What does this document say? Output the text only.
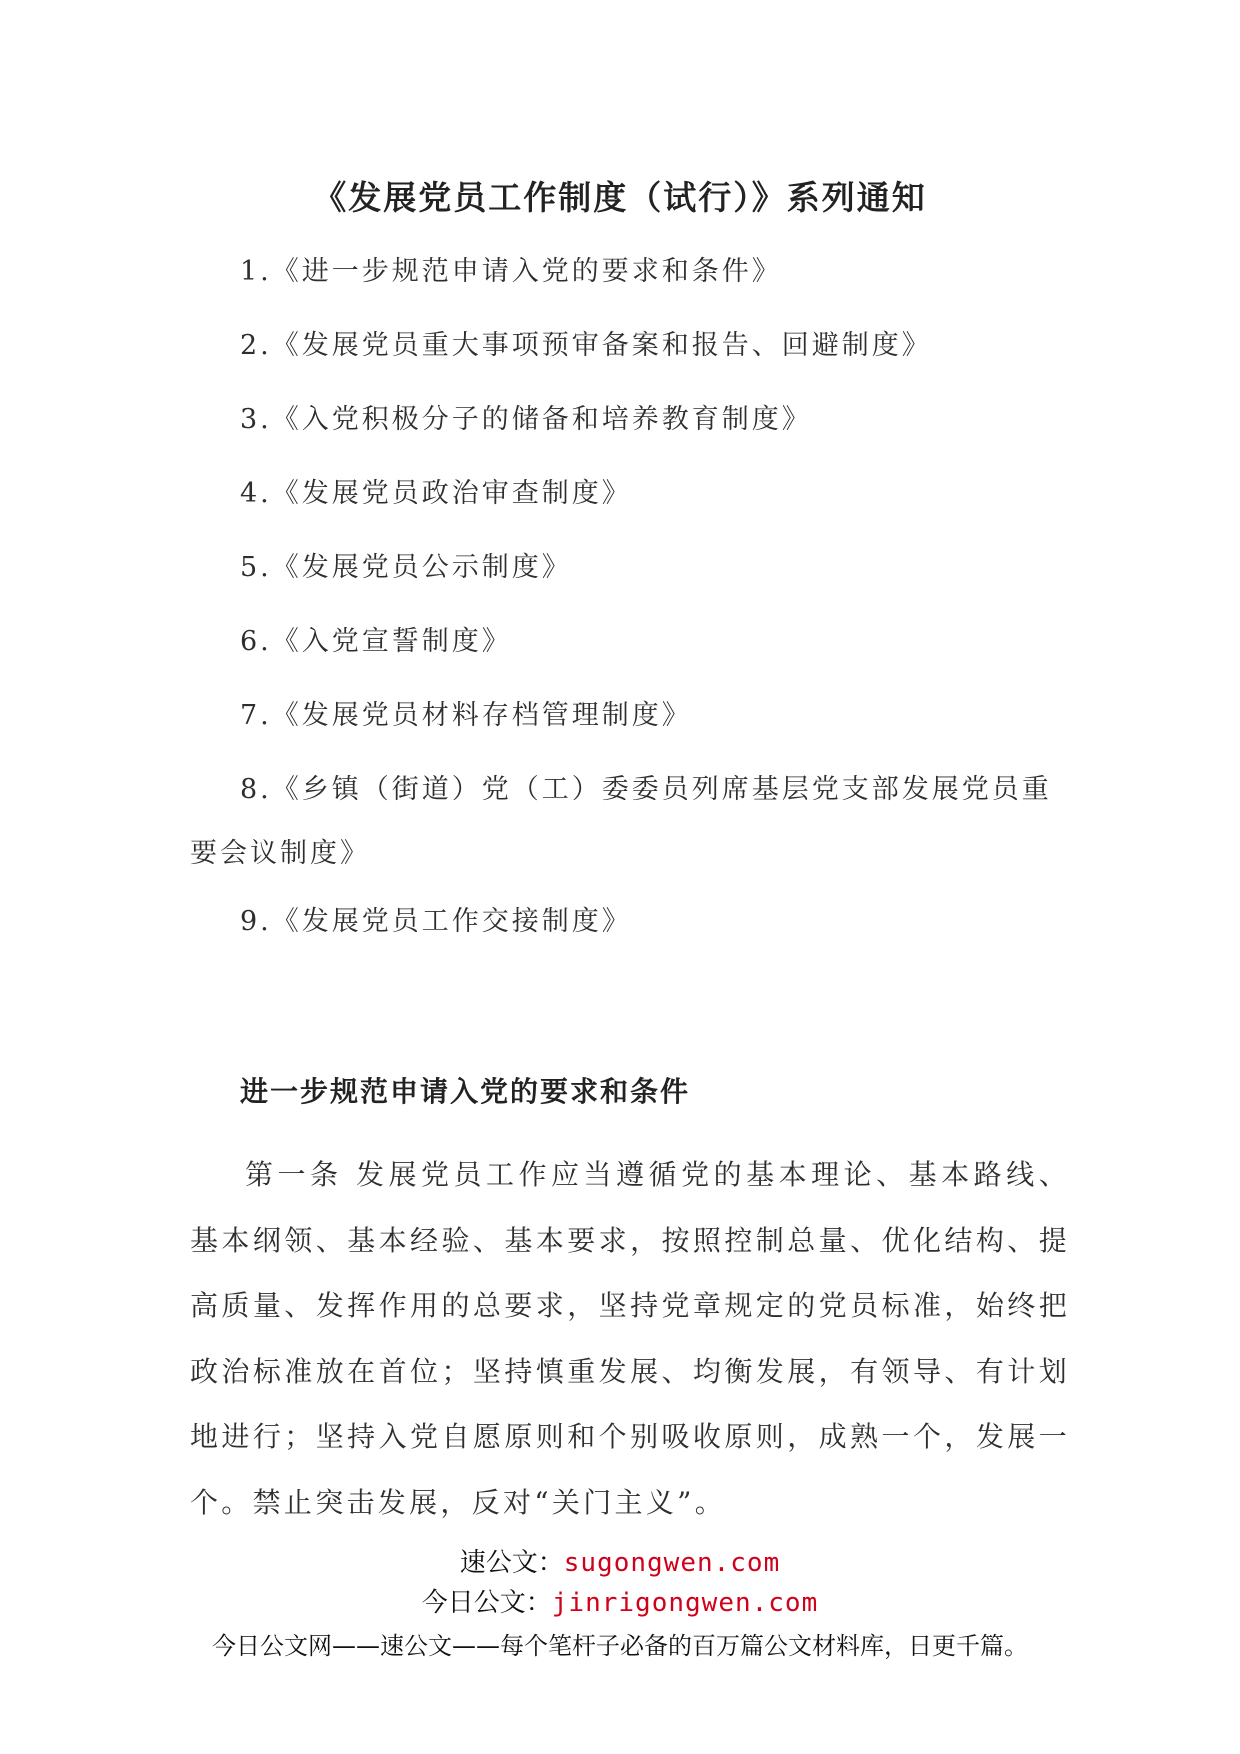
《发展党员工作制度（试行）》系列通知
1.《进一步规范申请入党的要求和条件》
2.《发展党员重大事项预审备案和报告、回避制度》
3.《入党积极分子的储备和培养教育制度》
4.《发展党员政治审查制度》
5.《发展党员公示制度》
6.《入党宣誓制度》
7.《发展党员材料存档管理制度》
8.《乡镇（街道）党（工）委委员列席基层党支部发展党员重要会议制度》
9.《发展党员工作交接制度》
进一步规范申请入党的要求和条件

第一条 发展党员工作应当遵循党的基本理论、基本路线、基本纲领、基本经验、基本要求，按照控制总量、优化结构、提高质量、发挥作用的总要求，坚持党章规定的党员标准，始终把政治标准放在首位；坚持慎重发展、均衡发展，有领导、有计划地进行；坚持入党自愿原则和个别吸收原则，成熟一个，发展一个。禁止突击发展，反对“关门主义”。

速公文：sugongwen.com
今日公文：jinrigongwen.com
今日公文网——速公文——每个笔杆子必备的百万篇公文材料库，日更千篇。
